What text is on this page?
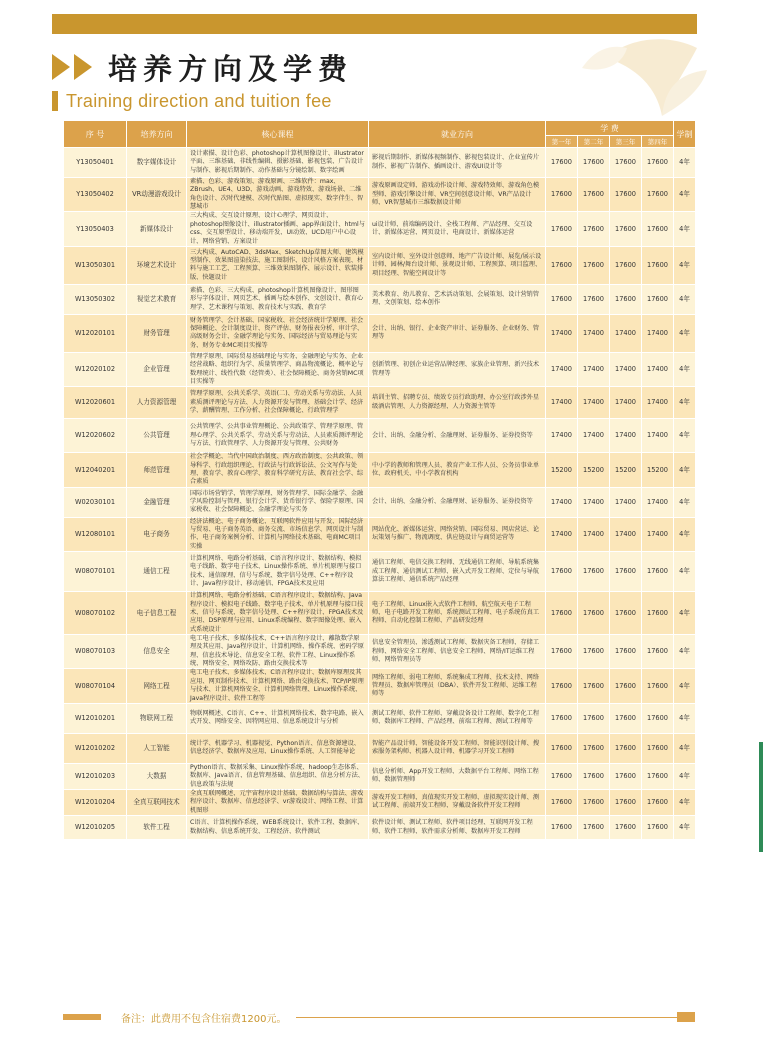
培养方向及学费
Training direction and tuition fee
序 号	培养方向	核心课程	就业方向	学 费				学制
				第一年	第二年	第三年	第四年	
Y13050401	数字媒体设计	设计素描、设计色彩、photoshop计算机图像设计、illustrator平面、三维基础、非线性编辑、摄影基础、影视包装、广告设计与制作、影视后期制作、动作基础与分镜绘制、数字绘画	影视后期制作、新媒体视频制作、影视包装设计、企业宣传片制作、影视广告制作、插画设计、游戏UI设计等	17600	17600	17600	17600	4年
Y13050402	VR动漫游戏设计	素描、色彩、游戏策划、游戏原画、三维软件：max、ZBrush、UE4、U3D、游戏动画、游戏特效、游戏场景、二维角色设计、次时代建模、次时代贴图、虚拟现实、数字伴生、智慧城市	游戏原画设定师、游戏动作设计师、游戏特效师、游戏角色模型师、游戏引擎设计师、VR空间创意设计师、VR产品设计师、VR智慧城市三维数据设计师	17600	17600	17600	17600	4年
Y13050403	新媒体设计	三大构成、交互设计原理、设计心理学、网页设计、photoshop图像设计、illustrator插画、app界面设计、html与css、交互原型设计、移动端开发、UI动效、UCD用户中心设计、网络营销、方案设计	ui设计师、前端编码设计、全栈工程师、产品经理、交互设计、新媒体运营、网页设计、电商设计、新媒体运营	17600	17600	17600	17600	4年
W13050301	环境艺术设计	三大构成、AutoCAD、3dsMax、SketchUp草图大师、建筑模型制作、效果图渲染技法、施工图制作、设计风格方案表现、材料与施工工艺、工程预算、三维效果图制作、展示设计、软装排版、快题设计	室内设计师、室外设计创意师、地产广告设计师、展览/展示设计师、园林/舞台设计师、景观设计师、工程预算、项目监理、项目经理、智能空间设计等	17600	17600	17600	17600	4年
W13050302	视觉艺术教育	素描、色彩、三大构成、photoshop计算机图像设计、图形图形与字体设计、网页艺术、插画与绘本创作、文创设计、教育心理学、艺术课程与策划、教育技术与实践、教育学	美术教育、幼儿教育、艺术活动策划、会展策划、设计营销管理、文创策划、绘本创作	17600	17600	17600	17600	4年
W12020101	财务管理	财务管理学、会计基础、国家税收、社会经济统计学原理、社会保障概论、会计制度设计、资产评估、财务报表分析、审计学、高级财务会计、金融学理论与实务、国际经济与贸易理论与实务、财务专业MC项目实操等	会计、出纳、银行、企业资产审计、证券服务、企业财务、管理等	17400	17400	17400	17400	4年
W12020102	企业管理	管理学原理、国际贸易基础理论与实务、金融理论与实务、企业经营战略、组织行为学、质量管理学、商品物流概论、概率论与数理统计、线性代数（经管类）、社会保障概论、商务营销MC项目实操等	创新管理、初创企业运营品牌经理、家族企业管理、新兴技术管理等	17400	17400	17400	17400	4年
W12020601	人力资源管理	管理学原理、公共关系学、英语(二)、劳动关系与劳动法、人员素质测评理论与方法、人力资源开发与管理、基础会计学、经济学、薪酬管理、工作分析、社会保障概论、行政管理学	培训主管、招聘专员、绩效专员行政助理、办公室行政涉外星级酒店管理、人力资源经理、人力资源主管等	17400	17400	17400	17400	4年
W12020602	公共管理	公共管理学、公共事业管理概论、公共政策学、管理学原理、管理心理学、公共关系学、劳动关系与劳动法、人员素质测评理论与方法、行政管理学、人力资源开发与管理、公共财务	会计、出纳、金融分析、金融理财、证券服务、证券投资等	17400	17400	17400	17400	4年
W12040201	师范管理	社会学概论、当代中国政治制度、西方政治制度、公共政策、领导科学、行政组织理论、行政法与行政诉讼法、公文写作与处理、教育学、教育心理学、教育科学研究方法、教育社会学、综合素质	中小学的教师和管理人员、教育产业工作人员、公务员事业单位、政府机关、中小学教育机构	15200	15200	15200	15200	4年
W02030101	金融管理	国际市场营销学、管理学原理、财务管理学、国际金融学、金融学风险控制与管理、银行会计学、货币银行学、保险学原理、国家税收、社会保障概论、金融学理论与实务	会计、出纳、金融分析、金融理财、证券服务、证券投资等	17400	17400	17400	17400	4年
W12080101	电子商务	经济法概论、电子商务概论、互联网软件应用与开发、国际经济与贸易、电子商务英语、商务交流、市场信息学、网页设计与制作、电子商务案例分析、计算机与网络技术基础、电商MC项目实操	网站优化、新媒体运营、网络营销、国际贸易、网店营运、论坛策划与推广、物流调度、供应链设计与商贸运营等	17400	17400	17400	17400	4年
W08070101	通信工程	计算机网络、电路分析基础、C语言程序设计、数据结构、模拟电子线路、数字电子技术、Linux操作系统、单片机原理与接口技术、通信原理、信号与系统、数字信号处理、C++程序设计、Java程序设计、移动通信、FPGA技术及应用	通信工程师、电信交换工程师、无线通信工程师、导航系统集成工程师、通信测试工程师、嵌入式开发工程师、定位与导航算法工程师、通信系统产品经理	17600	17600	17600	17600	4年
W08070102	电子信息工程	计算机网络、电路分析基础、C语言程序设计、数据结构、Java程序设计、模拟电子线路、数字电子技术、单片机原理与接口技术、信号与系统、数字信号处理、C++程序设计、FPGA技术及应用、DSP原理与应用、Linux系统编程、数字图像处理、嵌入式系统设计	电子工程师、Linux嵌入式软件工程师、航空航天电子工程师、电子电路开发工程师、系统测试工程师、电子系统仿真工程师、自动化控制工程师、产品研发经理	17600	17600	17600	17600	4年
W08070103	信息安全	电工电子技术、多媒体技术、C++语言程序设计、離散数学原理及其应用、Java程序设计、计算机网络、操作系统、密码学原理、信息技术导论、信息安全工程、软件工程、Linux操作系统、网络安全、网络攻防、路由交换技术等	信息安全管理员、渗透测试工程师、数据灾备工程师、存储工程师、网络安全工程师、信息安全工程师、网络/IT运维工程师、网络管理员等	17600	17600	17600	17600	4年
W08070104	网络工程	电工电子技术、多媒体技术、C语言程序设计、数据库原理及其应用、网页制作技术、计算机网络、路由交换技术、TCP/IP原理与技术、计算机网络安全、计算机网络管理、Linux操作系统、Java程序设计、软件工程等	网络工程师、弱电工程师、系统集成工程师、技术支持、网络管理员、数据库管理员（DBA）、软件开发工程师、运维工程师等	17600	17600	17600	17600	4年
W12010201	物联网工程	物联网概述、C语言、C++、计算机网络技术、数字电路、嵌入式开发、网络安全、因特网应用、信息系统设计与分析	测试工程师、软件工程师、穿戴设备设计工程师、数字化工程师、数据库工程师、产品经理、前端工程师、测试工程师等	17600	17600	17600	17600	4年
W12010202	人工智能	统计学、机器学习、机器视觉、Python语言、信息资源建设、信息经济学、数据库及应用、Linux操作系统、人工智能导论	智能产品设计师、智能设备开发工程师、智能识别设计师、搜索服务架构师、机器人设计师、机器学习开发工程师	17600	17600	17600	17600	4年
W12010203	大数据	Python语言、数据采集、Linux操作系统、hadoop生态体系、数据库、Java语言、信息管理基础、信息组织、信息分析方法、信息政策与法规	信息分析师、App开发工程师、大数据平台工程师、网络工程师、数据管理师	17600	17600	17600	17600	4年
W12010204	全真互联网技术	全真互联网概述、元宇宙程序设计基础、数据结构与算法、游戏程序设计、数据库、信息经济学、vr游戏设计、网络工程、计算机图形	游戏开发工程师、真值现实开发工程师、虚拟现实设计师、测试工程师、前端开发工程师、穿戴设备软件开发工程师	17600	17600	17600	17600	4年
W12010205	软件工程	C语言、计算机操作系统、WEB系统设计、软件工程、数据库、数据结构、信息系统开发、工程经济、软件测试	软件设计师、测试工程师、软件项目经理、互联网开发工程师、软件工程师、软件需求分析师、数据库开发工程师	17600	17600	17600	17600	4年
备注：此费用不包含住宿费1200元。
